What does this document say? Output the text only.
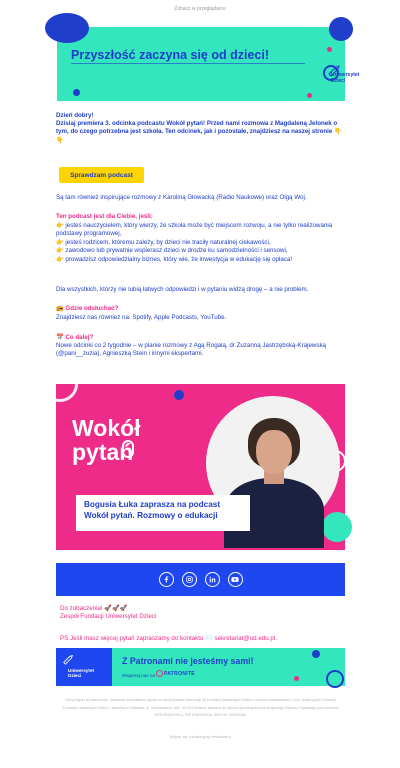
Zobacz w przeglądarce
Przyszłość zaczyna się od dzieci!
Uniwersytet
Dzieci
Dzień dobry!
Dzisiaj premiera 3. odcinka podcastu Wokół pytań! Przed nami rozmowa z Magdaleną Jelonek o tym, do czego potrzebna jest szkoła. Ten odcinek, jak i pozostałe, znajdziesz na naszej stronie 👇 👇
Sprawdzam podcast
Są tam również inspirujące rozmowy z Karoliną Głowacką (Radio Naukowe) oraz Olgą Woj.
Ten podcast jest dla Ciebie, jeśli:
👉 jesteś nauczycielem, który wierzy, że szkoła może być miejscem rozwoju, a nie tylko realizowania podstawy programowej,
👉 jesteś rodzicem, któremu zależy, by dzieci nie traciły naturalnej ciekawości,
👉 zawodowo lub prywatnie wspierasz dzieci w drodze ku samodzielności i sensowi,
👉 prowadzisz odpowiedzialny biznes, który wie, że inwestycja w edukację się opłaca!
Dla wszystkich, którzy nie lubią łatwych odpowiedzi i w pytaniu widzą drogę – a nie problem.
📻 Gdzie odsłuchać?
Znajdziesz nas również na: Spotify, Apple Podcasts, YouTube.
📅 Co dalej?
Nowe odcinki co 2 tygodnie – w planie rozmowy z Agą Rogalą, dr Zuzanną Jastrzębską-Krajewską (@pani__zuzia), Agnieszką Stein i innymi ekspertami.
Wokół
pytań
Bogusia Łuka zaprasza na podcast
Wokół pytań. Rozmowy o edukacji
Do zobaczenia! 🚀🚀🚀
Zespół Fundacji Uniwersytet Dzieci
PS Jeśli masz więcej pytań zapraszamy do kontaktu ✉️ sekretariat@ud.edu.pl.
Uniwersytet
Dzieci
Z Patronami nie jesteśmy sami!
Wspieraj nas na PATRONITE
Otrzymujesz tę wiadomość, ponieważ wyraziłaś/eś zgodę na otrzymywanie informacji od Fundacji Uniwersytet Dzieci o różnych wydarzeniach, m.in. dotyczących Fundacji. Fundacja Uniwersytet Dzieci z siedzibą w Krakowie, ul. Sienkiewicza 16/1, 30-033 Kraków, wpisana do rejestru przedsiębiorców Krajowego Rejestru Sądowego pod numerem KRS 0000297513, NIP 6762360916, REGON 120423560.
Wypisz się z subskrypcji newslettera
